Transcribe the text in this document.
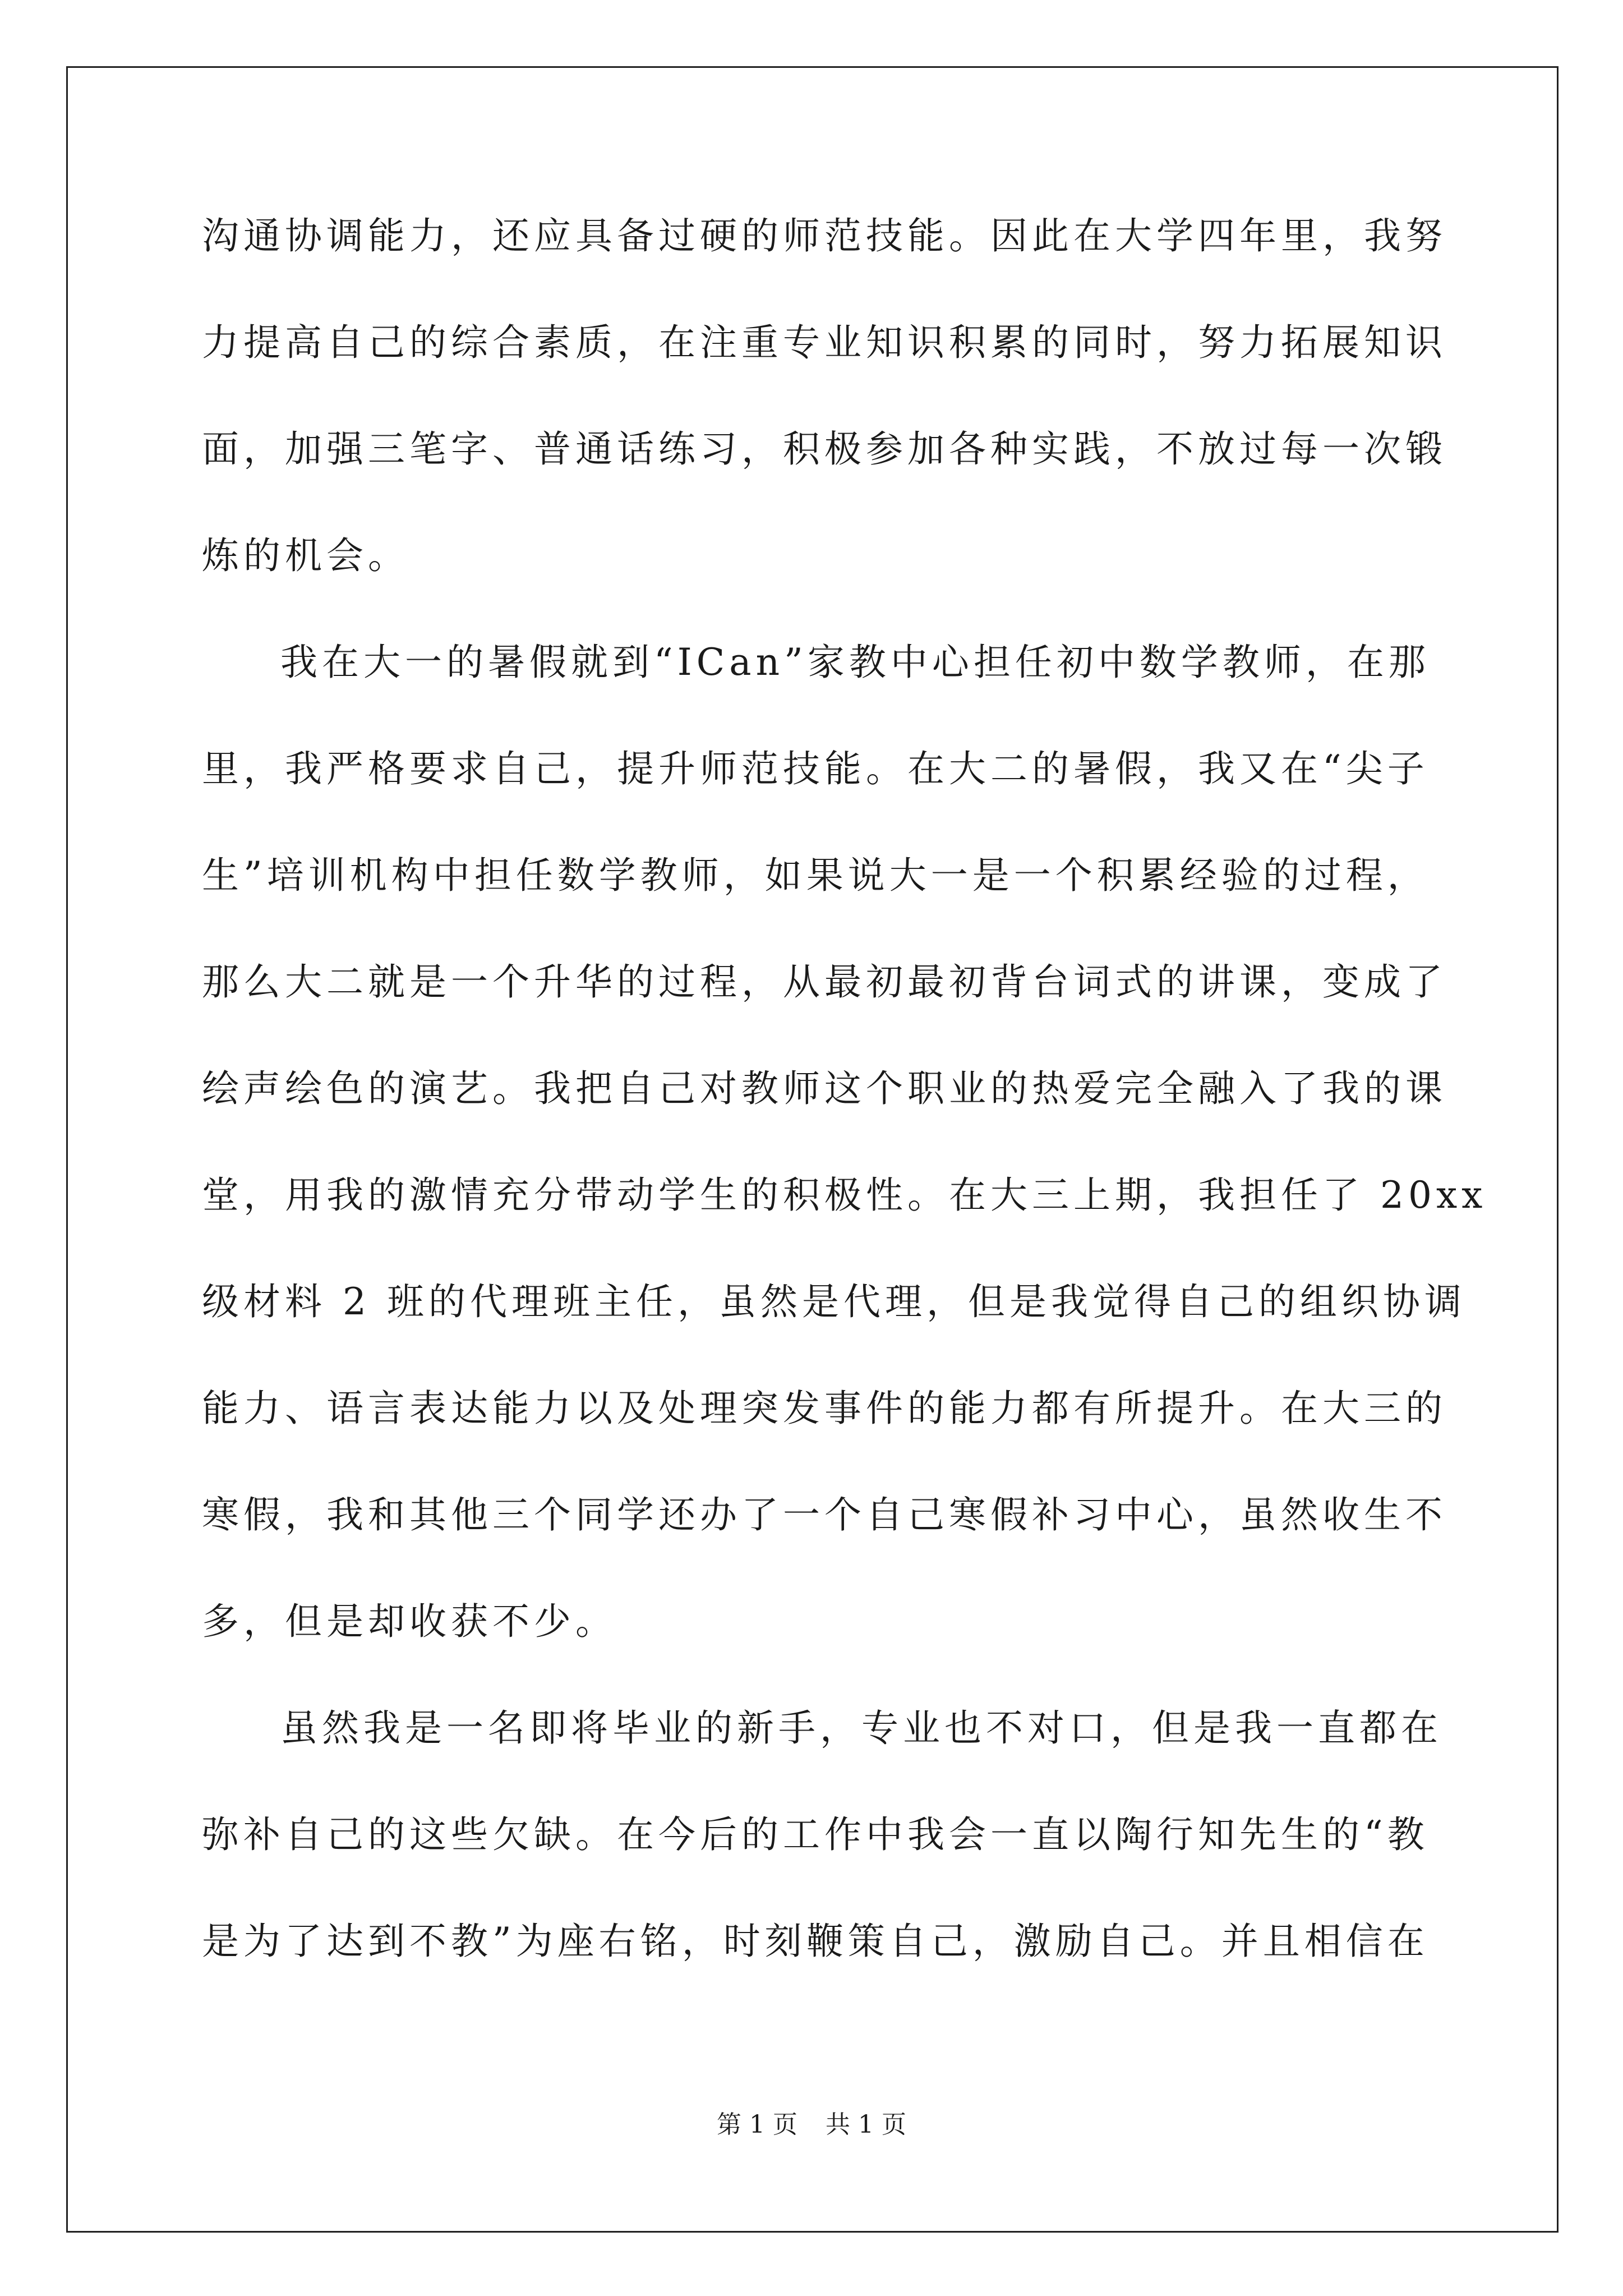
沟通协调能力，还应具备过硬的师范技能。因此在大学四年里，我努
力提高自己的综合素质，在注重专业知识积累的同时，努力拓展知识
面，加强三笔字、普通话练习，积极参加各种实践，不放过每一次锻
炼的机会。
我在大一的暑假就到“ICan”家教中心担任初中数学教师，在那
里，我严格要求自己，提升师范技能。在大二的暑假，我又在“尖子
生”培训机构中担任数学教师，如果说大一是一个积累经验的过程，
那么大二就是一个升华的过程，从最初最初背台词式的讲课，变成了
绘声绘色的演艺。我把自己对教师这个职业的热爱完全融入了我的课
堂，用我的激情充分带动学生的积极性。在大三上期，我担任了 20xx
级材料 2 班的代理班主任，虽然是代理，但是我觉得自己的组织协调
能力、语言表达能力以及处理突发事件的能力都有所提升。在大三的
寒假，我和其他三个同学还办了一个自己寒假补习中心，虽然收生不
多，但是却收获不少。
虽然我是一名即将毕业的新手，专业也不对口，但是我一直都在
弥补自己的这些欠缺。在今后的工作中我会一直以陶行知先生的“教
是为了达到不教”为座右铭，时刻鞭策自己，激励自己。并且相信在
第 1 页 共 1 页
